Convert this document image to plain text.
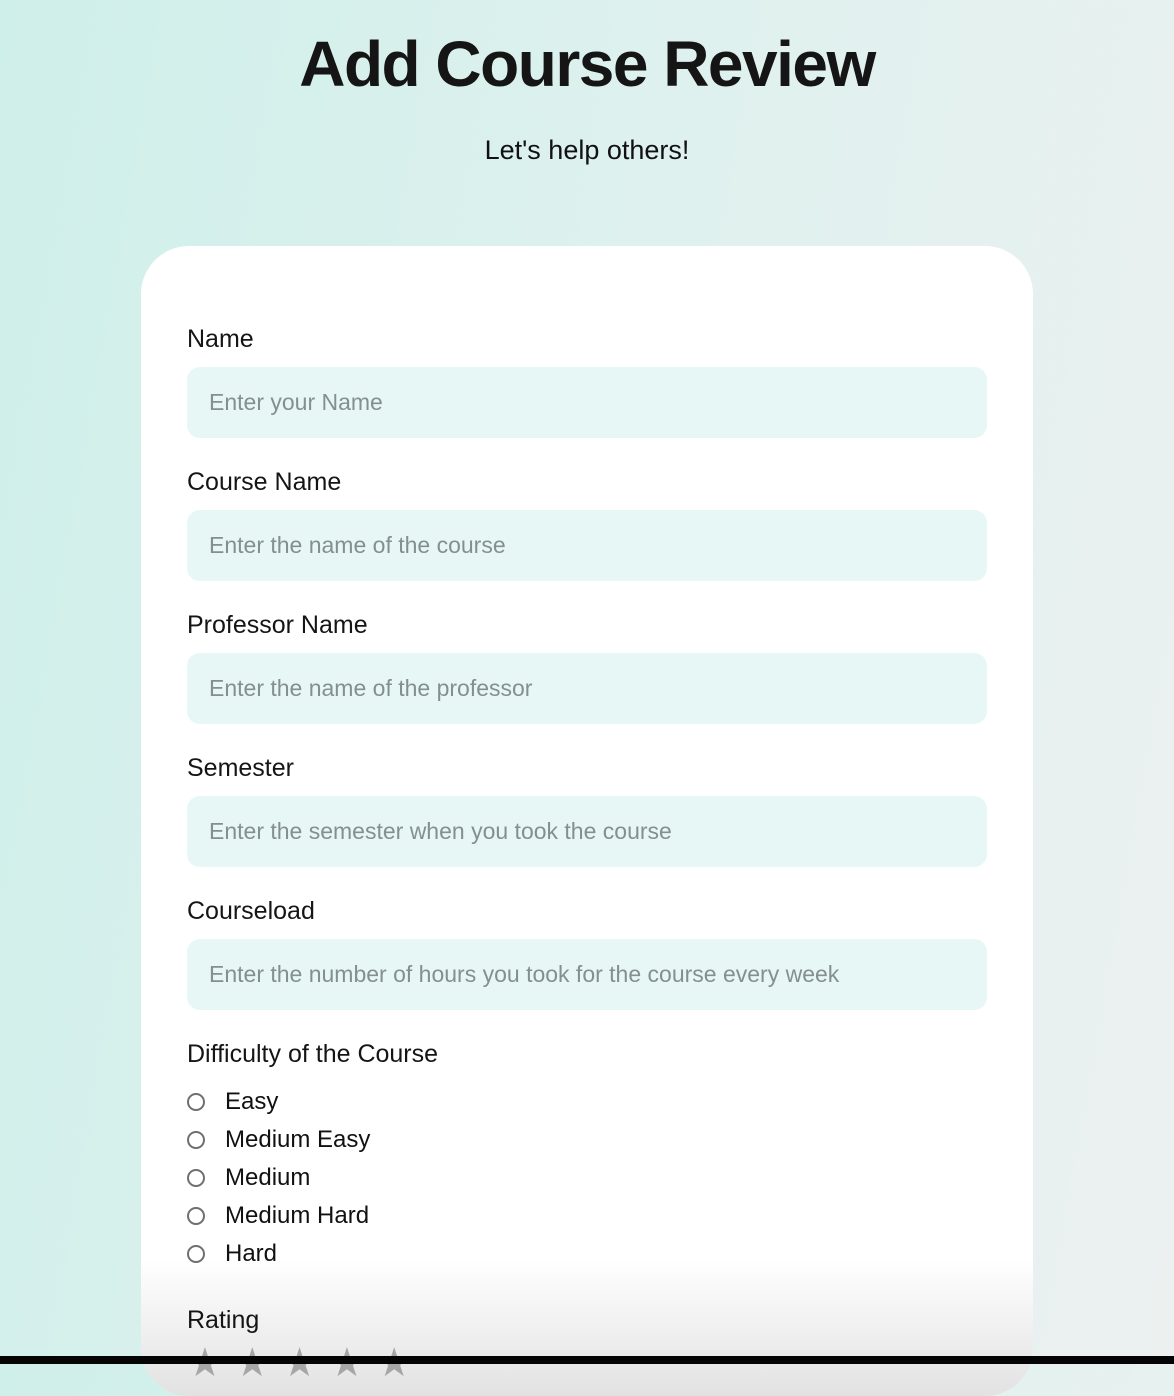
Add Course Review

Let's help others!

Name
Enter your Name
Course Name
Enter the name of the course
Professor Name
Enter the name of the professor
Semester
Enter the semester when you took the course
Courseload
Enter the number of hours you took for the course every week
Difficulty of the Course
Easy
Medium Easy
Medium
Medium Hard
Hard
Rating
